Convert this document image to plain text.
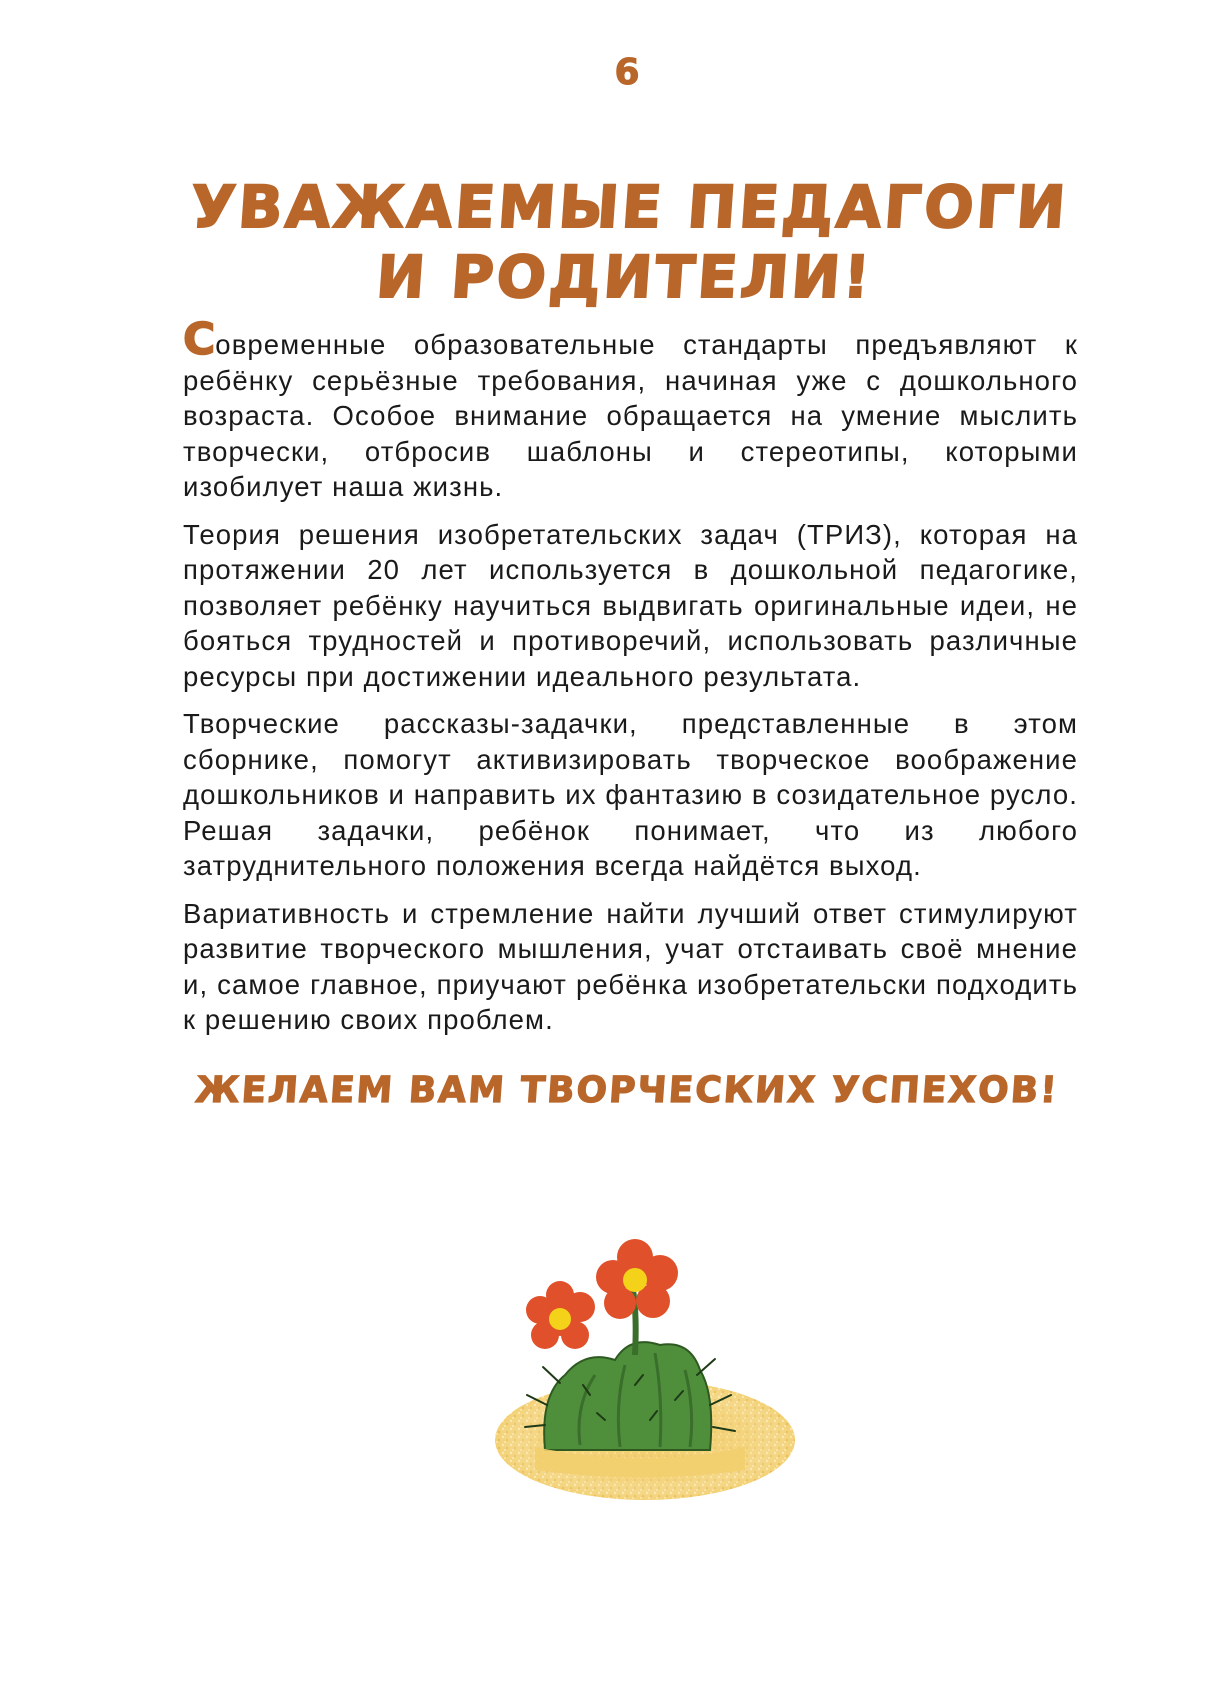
6
УВАЖАЕМЫЕ ПЕДАГОГИ
И РОДИТЕЛИ!

Современные образовательные стандарты предъявляют к ребёнку серьёзные требования, начиная уже с дошкольного возраста. Особое внимание обращается на умение мыслить творчески, отбросив шаблоны и стереотипы, которыми изобилует наша жизнь.

Теория решения изобретательских задач (ТРИЗ), которая на протяжении 20 лет используется в дошкольной педагогике, позволяет ребёнку научиться выдвигать оригинальные идеи, не бояться трудностей и противоречий, использовать различные ресурсы при достижении идеального результата.

Творческие рассказы-задачки, представленные в этом сборнике, помогут активизировать творческое воображение дошкольников и направить их фантазию в созидательное русло. Решая задачки, ребёнок понимает, что из любого затруднительного положения всегда найдётся выход.

Вариативность и стремление найти лучший ответ стимулируют развитие творческого мышления, учат отстаивать своё мнение и, самое главное, приучают ребёнка изобретательски подходить к решению своих проблем.

ЖЕЛАЕМ ВАМ ТВОРЧЕСКИХ УСПЕХОВ!
